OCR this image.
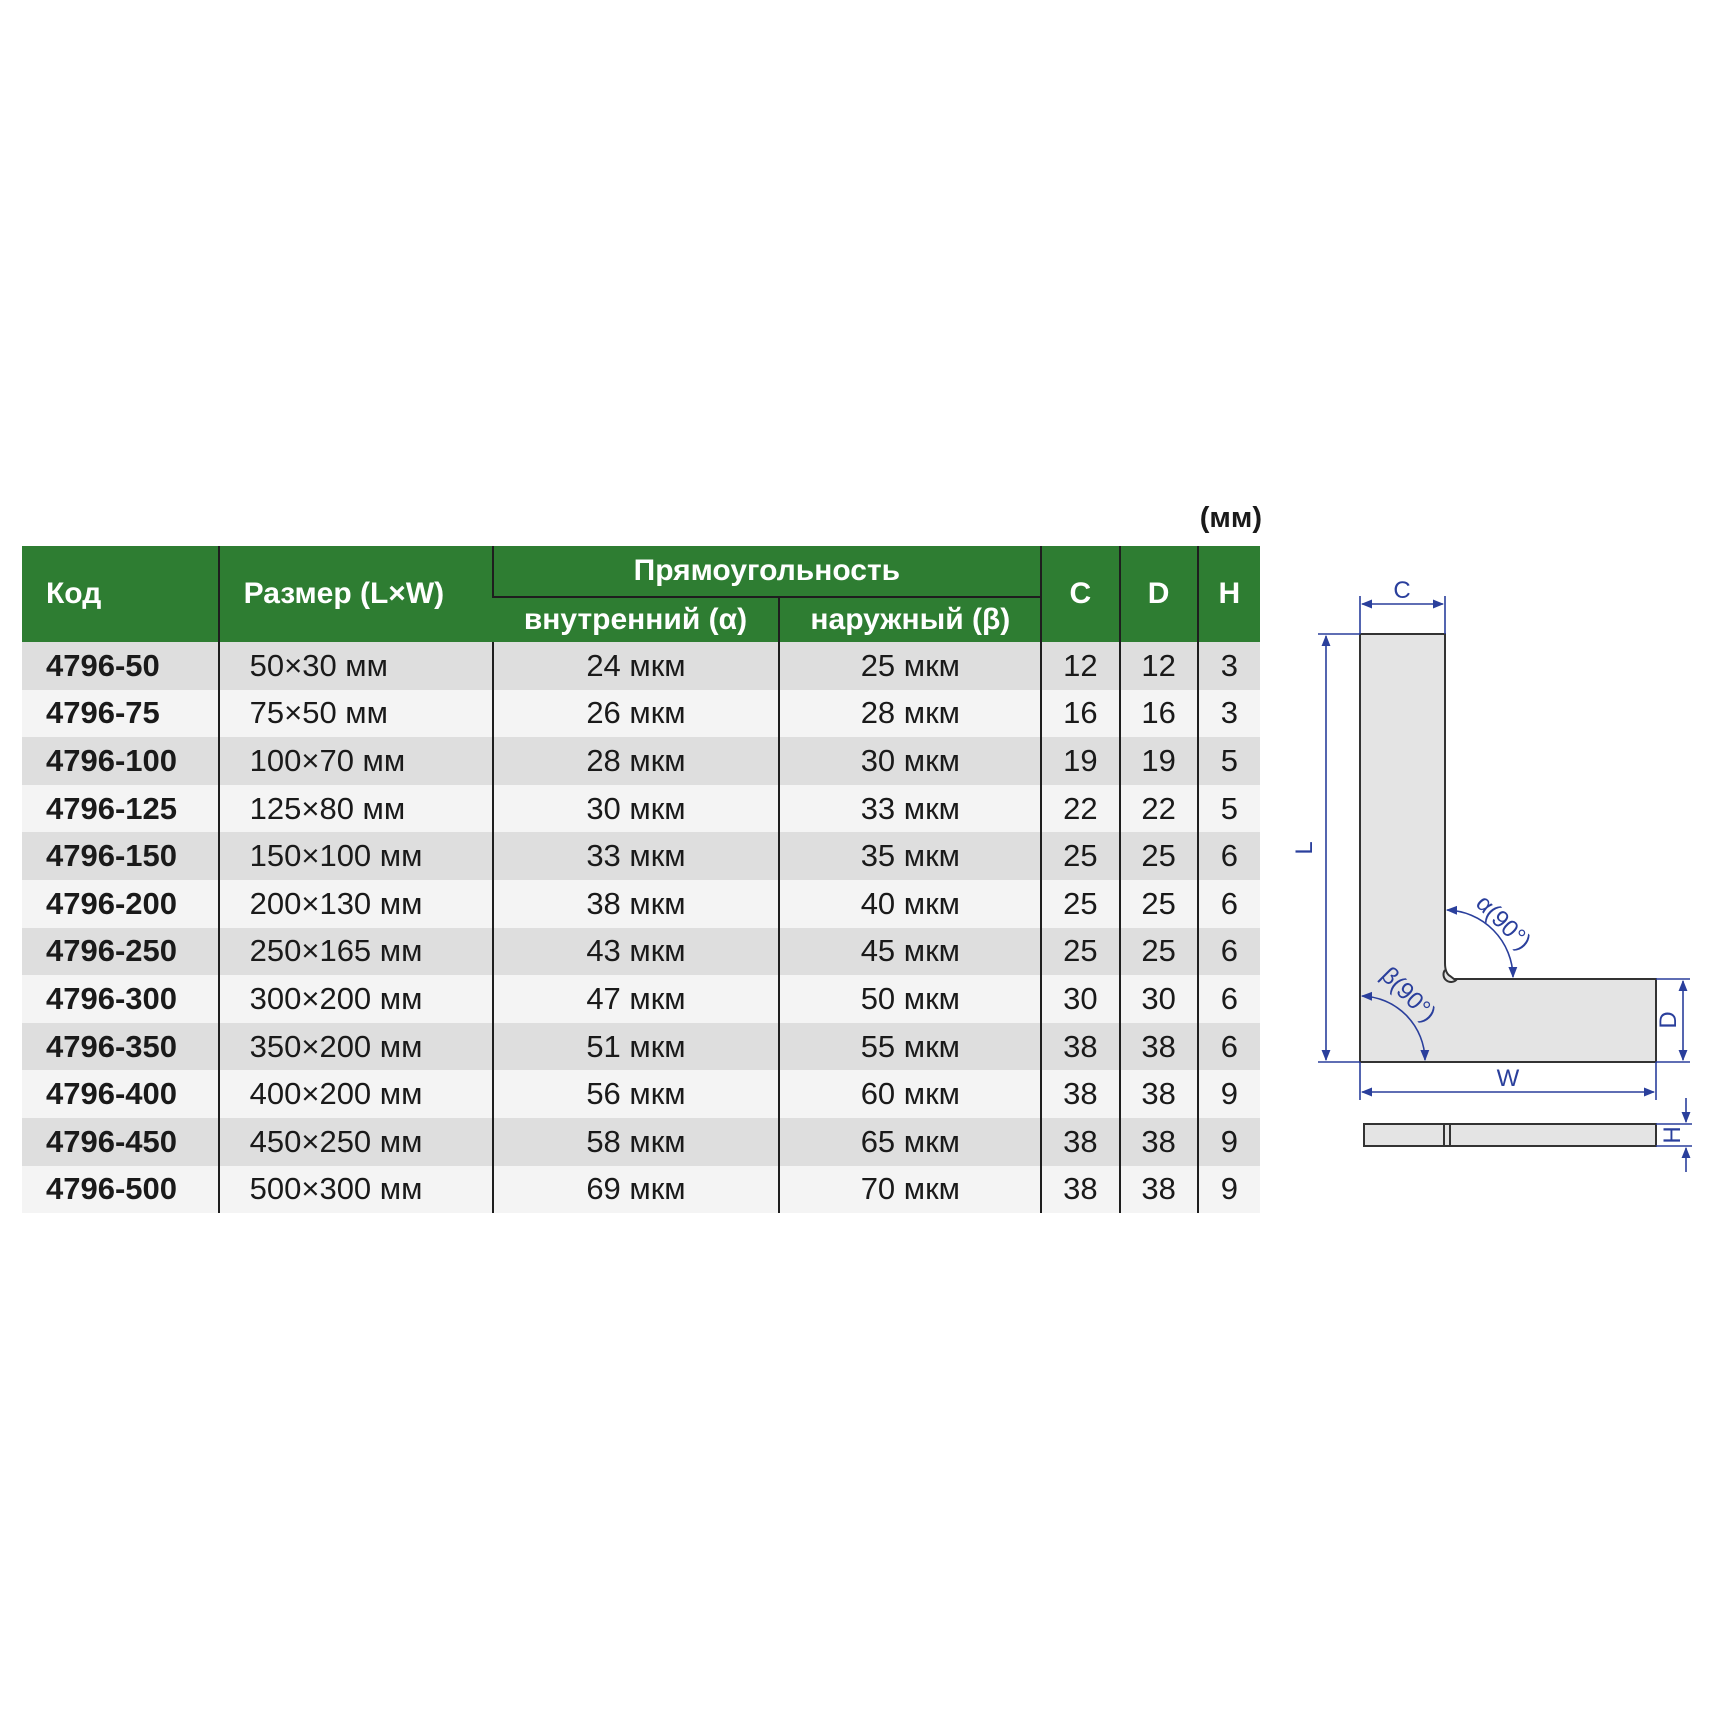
(мм)
Код	Размер (L×W)	Прямоугольность		C	D	H
		внутренний (α)	наружный (β)			
4796-50	50×30 мм	24 мкм	25 мкм	12	12	3
4796-75	75×50 мм	26 мкм	28 мкм	16	16	3
4796-100	100×70 мм	28 мкм	30 мкм	19	19	5
4796-125	125×80 мм	30 мкм	33 мкм	22	22	5
4796-150	150×100 мм	33 мкм	35 мкм	25	25	6
4796-200	200×130 мм	38 мкм	40 мкм	25	25	6
4796-250	250×165 мм	43 мкм	45 мкм	25	25	6
4796-300	300×200 мм	47 мкм	50 мкм	30	30	6
4796-350	350×200 мм	51 мкм	55 мкм	38	38	6
4796-400	400×200 мм	56 мкм	60 мкм	38	38	9
4796-450	450×250 мм	58 мкм	65 мкм	38	38	9
4796-500	500×300 мм	69 мкм	70 мкм	38	38	9
C
L
D
W
H
α(90°)
β(90°)
